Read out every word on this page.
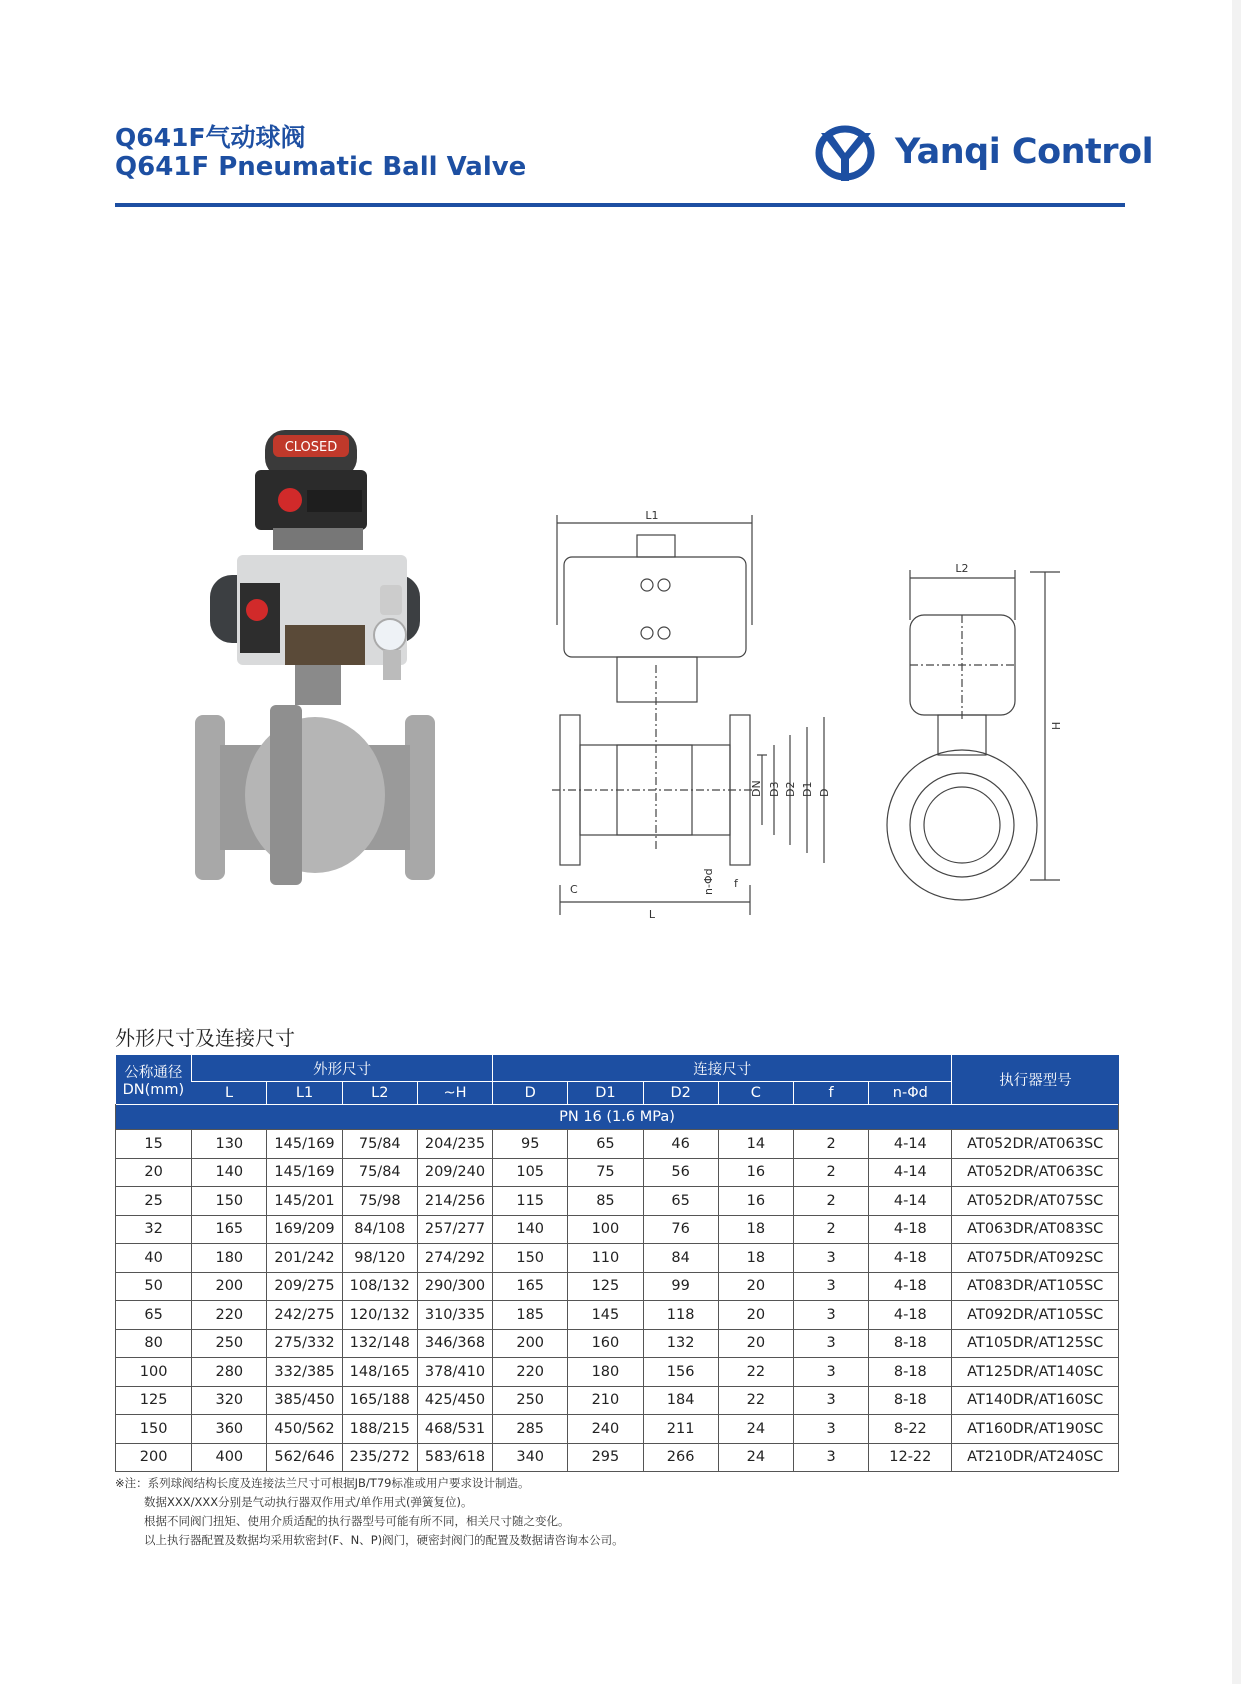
Q641F气动球阀
Q641F Pneumatic Ball Valve	Yanqi Control
CLOSED
L1
L
C
DN D3 D2 D1 D
n-Φd f
L2
H
外形尺寸及连接尺寸
公称通径
DN(mm)	外形尺寸				连接尺寸						执行器型号
	L	L1	L2	~H	D	D1	D2	C	f	n-Φd	
PN 16 (1.6 MPa)											
15	130	145/169	75/84	204/235	95	65	46	14	2	4-14	AT052DR/AT063SC
20	140	145/169	75/84	209/240	105	75	56	16	2	4-14	AT052DR/AT063SC
25	150	145/201	75/98	214/256	115	85	65	16	2	4-14	AT052DR/AT075SC
32	165	169/209	84/108	257/277	140	100	76	18	2	4-18	AT063DR/AT083SC
40	180	201/242	98/120	274/292	150	110	84	18	3	4-18	AT075DR/AT092SC
50	200	209/275	108/132	290/300	165	125	99	20	3	4-18	AT083DR/AT105SC
65	220	242/275	120/132	310/335	185	145	118	20	3	4-18	AT092DR/AT105SC
80	250	275/332	132/148	346/368	200	160	132	20	3	8-18	AT105DR/AT125SC
100	280	332/385	148/165	378/410	220	180	156	22	3	8-18	AT125DR/AT140SC
125	320	385/450	165/188	425/450	250	210	184	22	3	8-18	AT140DR/AT160SC
150	360	450/562	188/215	468/531	285	240	211	24	3	8-22	AT160DR/AT190SC
200	400	562/646	235/272	583/618	340	295	266	24	3	12-22	AT210DR/AT240SC
※注：系列球阀结构长度及连接法兰尺寸可根据JB/T79标准或用户要求设计制造。
数据XXX/XXX分别是气动执行器双作用式/单作用式(弹簧复位)。
根据不同阀门扭矩、使用介质适配的执行器型号可能有所不同，相关尺寸随之变化。
以上执行器配置及数据均采用软密封(F、N、P)阀门，硬密封阀门的配置及数据请咨询本公司。
